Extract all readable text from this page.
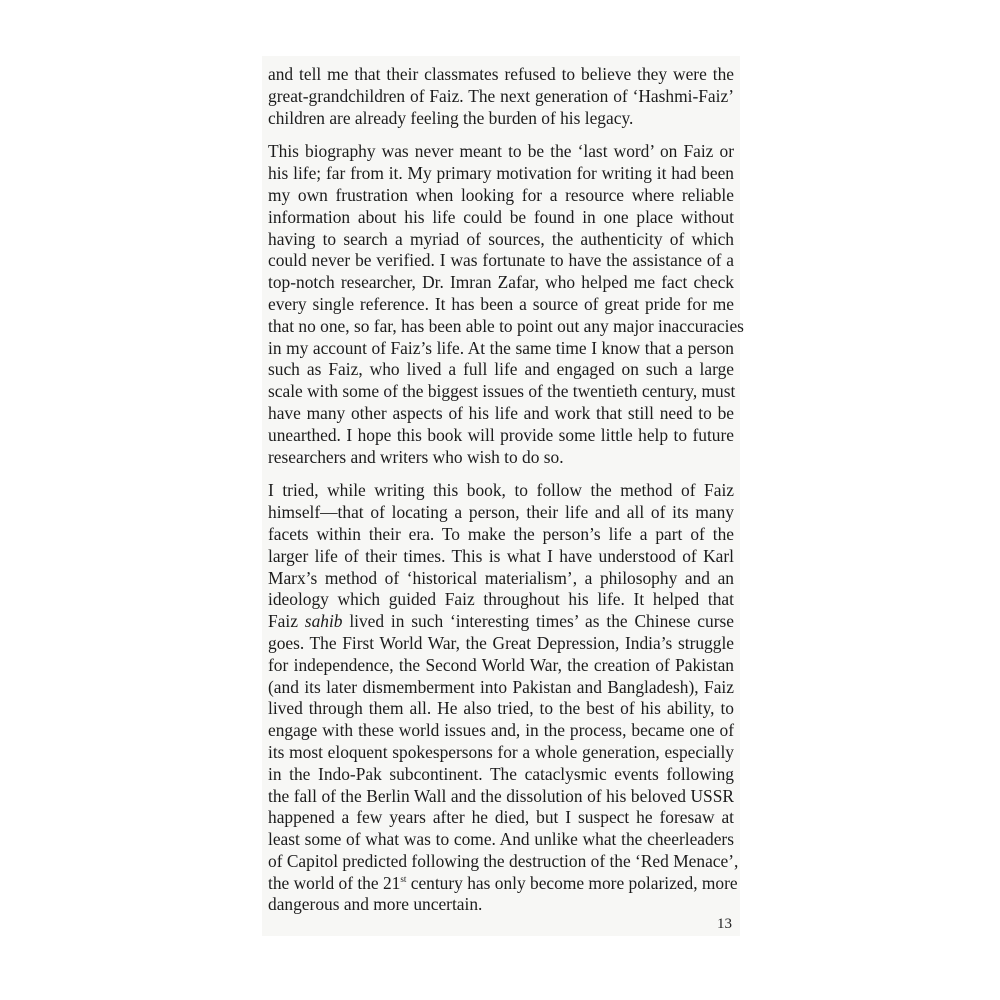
and tell me that their classmates refused to believe they were the
great-grandchildren of Faiz. The next generation of ‘Hashmi-Faiz’
children are already feeling the burden of his legacy.

This biography was never meant to be the ‘last word’ on Faiz or
his life; far from it. My primary motivation for writing it had been
my own frustration when looking for a resource where reliable
information about his life could be found in one place without
having to search a myriad of sources, the authenticity of which
could never be verified. I was fortunate to have the assistance of a
top-notch researcher, Dr. Imran Zafar, who helped me fact check
every single reference. It has been a source of great pride for me
that no one, so far, has been able to point out any major inaccuracies
in my account of Faiz’s life. At the same time I know that a person
such as Faiz, who lived a full life and engaged on such a large
scale with some of the biggest issues of the twentieth century, must
have many other aspects of his life and work that still need to be
unearthed. I hope this book will provide some little help to future
researchers and writers who wish to do so.

I tried, while writing this book, to follow the method of Faiz
himself—that of locating a person, their life and all of its many
facets within their era. To make the person’s life a part of the
larger life of their times. This is what I have understood of Karl
Marx’s method of ‘historical materialism’, a philosophy and an
ideology which guided Faiz throughout his life. It helped that
Faiz sahib lived in such ‘interesting times’ as the Chinese curse
goes. The First World War, the Great Depression, India’s struggle
for independence, the Second World War, the creation of Pakistan
(and its later dismemberment into Pakistan and Bangladesh), Faiz
lived through them all. He also tried, to the best of his ability, to
engage with these world issues and, in the process, became one of
its most eloquent spokespersons for a whole generation, especially
in the Indo-Pak subcontinent. The cataclysmic events following
the fall of the Berlin Wall and the dissolution of his beloved USSR
happened a few years after he died, but I suspect he foresaw at
least some of what was to come. And unlike what the cheerleaders
of Capitol predicted following the destruction of the ‘Red Menace’,
the world of the 21st century has only become more polarized, more
dangerous and more uncertain.

13
